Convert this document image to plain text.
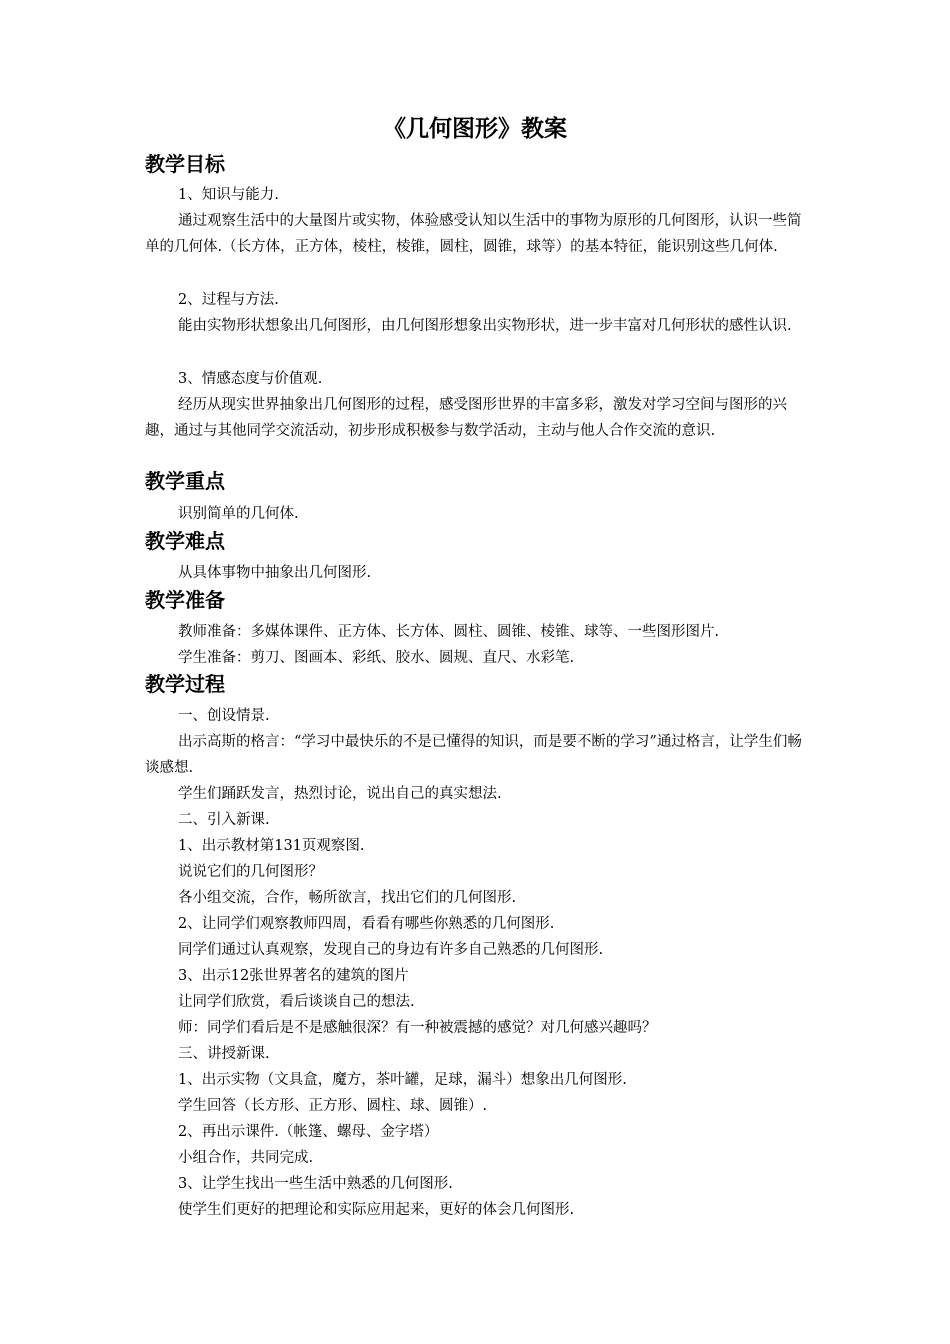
《几何图形》教案
教学目标
1、知识与能力.
通过观察生活中的大量图片或实物，体验感受认知以生活中的事物为原形的几何图形，认识一些简单的几何体.（长方体，正方体，棱柱，棱锥，圆柱，圆锥，球等）的基本特征，能识别这些几何体.
2、过程与方法.
能由实物形状想象出几何图形，由几何图形想象出实物形状，进一步丰富对几何形状的感性认识.
3、情感态度与价值观.
经历从现实世界抽象出几何图形的过程，感受图形世界的丰富多彩，激发对学习空间与图形的兴趣，通过与其他同学交流活动，初步形成积极参与数学活动，主动与他人合作交流的意识.
教学重点
识别简单的几何体.
教学难点
从具体事物中抽象出几何图形.
教学准备
教师准备：多媒体课件、正方体、长方体、圆柱、圆锥、棱锥、球等、一些图形图片.
学生准备：剪刀、图画本、彩纸、胶水、圆规、直尺、水彩笔.
教学过程
一、创设情景.
出示高斯的格言：“学习中最快乐的不是已懂得的知识，而是要不断的学习”通过格言，让学生们畅谈感想.
学生们踊跃发言，热烈讨论，说出自己的真实想法.
二、引入新课.
1、出示教材第131页观察图.
说说它们的几何图形？
各小组交流，合作，畅所欲言，找出它们的几何图形.
2、让同学们观察教师四周，看看有哪些你熟悉的几何图形.
同学们通过认真观察，发现自己的身边有许多自己熟悉的几何图形.
3、出示12张世界著名的建筑的图片
让同学们欣赏，看后谈谈自己的想法.
师：同学们看后是不是感触很深？有一种被震撼的感觉？对几何感兴趣吗？
三、讲授新课.
1、出示实物（文具盒，魔方，茶叶罐，足球，漏斗）想象出几何图形.
学生回答（长方形、正方形、圆柱、球、圆锥）.
2、再出示课件.（帐篷、螺母、金字塔）
小组合作，共同完成.
3、让学生找出一些生活中熟悉的几何图形.
使学生们更好的把理论和实际应用起来，更好的体会几何图形.
